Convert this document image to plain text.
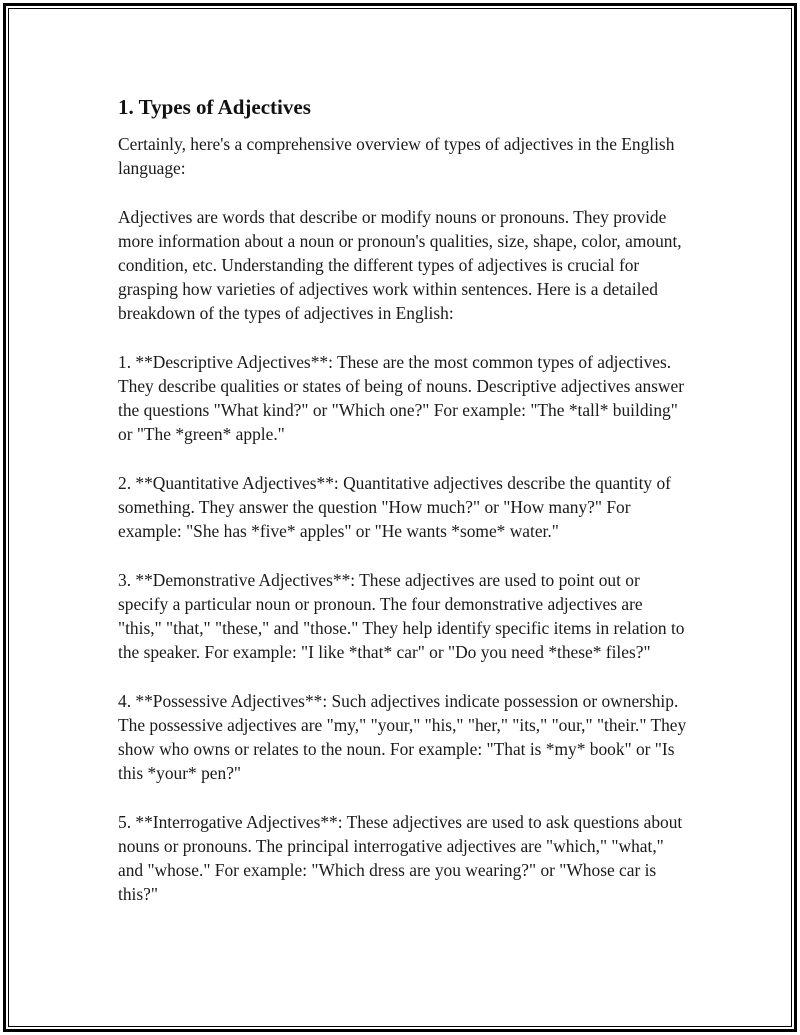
1. Types of Adjectives

Certainly, here's a comprehensive overview of types of adjectives in the English language:

Adjectives are words that describe or modify nouns or pronouns. They provide more information about a noun or pronoun's qualities, size, shape, color, amount, condition, etc. Understanding the different types of adjectives is crucial for grasping how varieties of adjectives work within sentences. Here is a detailed breakdown of the types of adjectives in English:

1. **Descriptive Adjectives**: These are the most common types of adjectives. They describe qualities or states of being of nouns. Descriptive adjectives answer the questions "What kind?" or "Which one?" For example: "The *tall* building" or "The *green* apple."

2. **Quantitative Adjectives**: Quantitative adjectives describe the quantity of something. They answer the question "How much?" or "How many?" For example: "She has *five* apples" or "He wants *some* water."

3. **Demonstrative Adjectives**: These adjectives are used to point out or specify a particular noun or pronoun. The four demonstrative adjectives are "this," "that," "these," and "those." They help identify specific items in relation to the speaker. For example: "I like *that* car" or "Do you need *these* files?"

4. **Possessive Adjectives**: Such adjectives indicate possession or ownership. The possessive adjectives are "my," "your," "his," "her," "its," "our," "their." They show who owns or relates to the noun. For example: "That is *my* book" or "Is this *your* pen?"

5. **Interrogative Adjectives**: These adjectives are used to ask questions about nouns or pronouns. The principal interrogative adjectives are "which," "what," and "whose." For example: "Which dress are you wearing?" or "Whose car is this?"
